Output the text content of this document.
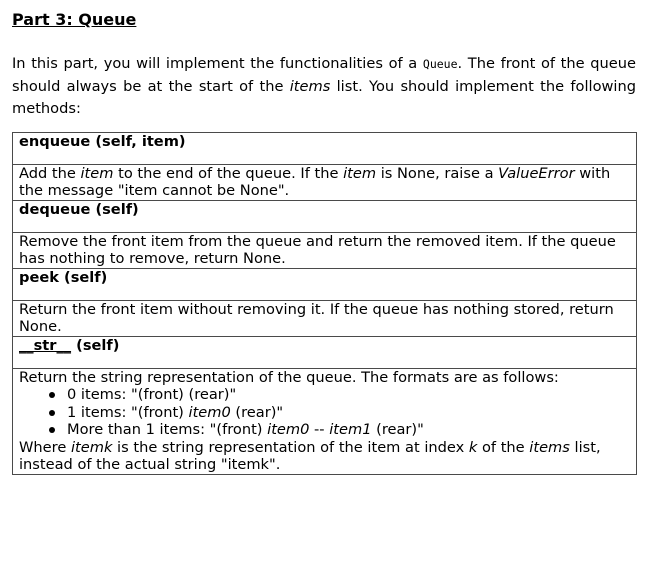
Part 3: Queue
In this part, you will implement the functionalities of a Queue. The front of the queue should always be at the start of the items list. You should implement the following methods:
enqueue (self, item)
Add the item to the end of the queue. If the item is None, raise a ValueError with the message "item cannot be None".
dequeue (self)
Remove the front item from the queue and return the removed item. If the queue has nothing to remove, return None.
peek (self)
Return the front item without removing it. If the queue has nothing stored, return None.
__str__ (self)

Return the string representation of the queue. The formats are as follows:
0 items: "(front) (rear)"
1 items: "(front) item0 (rear)"
More than 1 items: "(front) item0 -- item1 (rear)"
Where itemk is the string representation of the item at index k of the items list, instead of the actual string "itemk".
